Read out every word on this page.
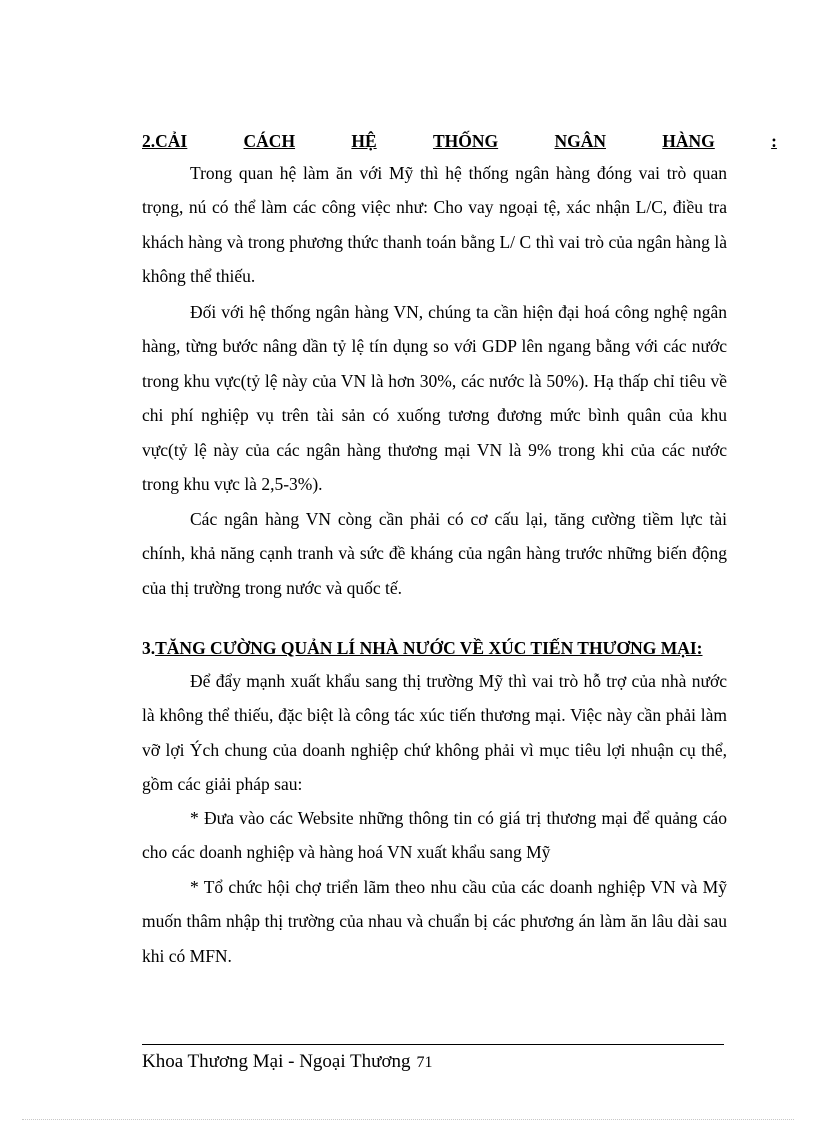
2.CẢI	CÁCH	HỆ	THỐNG	NGÂN	HÀNG	:

Trong quan hệ làm ăn với Mỹ thì hệ thống ngân hàng đóng vai trò quan trọng, nú có thể làm các công việc như: Cho vay ngoại tệ, xác nhận L/C, điều tra khách hàng và trong phương thức thanh toán bằng L/ C thì vai trò của ngân hàng là không thể thiếu.

Đối với hệ thống ngân hàng VN, chúng ta cần hiện đại hoá công nghệ ngân hàng, từng bước nâng dần tỷ lệ tín dụng so với GDP lên ngang bằng với các nước trong khu vực(tỷ lệ này của VN là hơn 30%, các nước là 50%). Hạ thấp chỉ tiêu về chi phí nghiệp vụ trên tài sản có xuống tương đương mức bình quân của khu vực(tỷ lệ này của các ngân hàng thương mại VN là 9% trong khi của các nước trong khu vực là 2,5-3%).

Các ngân hàng VN còng cần phải có cơ cấu lại, tăng cường tiềm lực tài chính, khả năng cạnh tranh và sức đề kháng của ngân hàng trước những biến động của thị trường trong nước và quốc tế.

3.TĂNG CƯỜNG QUẢN LÍ NHÀ NƯỚC VỀ XÚC TIẾN THƯƠNG MẠI:

Để đẩy mạnh xuất khẩu sang thị trường Mỹ thì vai trò hỗ trợ của nhà nước là không thể thiếu, đặc biệt là công tác xúc tiến thương mại. Việc này cần phải làm vỡ lợi Ých chung của doanh nghiệp chứ không phải vì mục tiêu lợi nhuận cụ thể, gồm các giải pháp sau:

* Đưa vào các Website những thông tin có giá trị thương mại để quảng cáo cho các doanh nghiệp và hàng hoá VN xuất khẩu sang Mỹ

* Tổ chức hội chợ triển lãm theo nhu cầu của các doanh nghiệp VN và Mỹ muốn thâm nhập thị trường của nhau và chuẩn bị các phương án làm ăn lâu dài sau khi có MFN.

Khoa Thương Mại - Ngoại Thương 71
